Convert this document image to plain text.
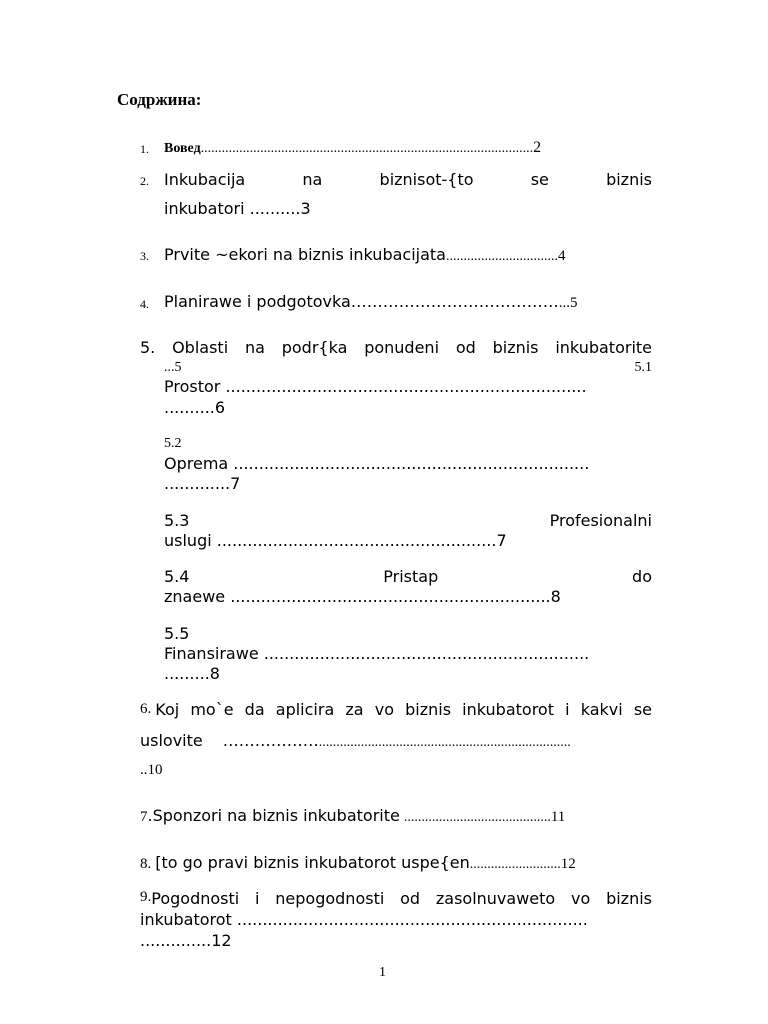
Содржина:
1. Вовед...............................................................................................2
2. Inkubacija	na	biznisot-{to	se	biznis
inkubatori ..........3
3. Prvite ~ekori na biznis inkubacijata................................4
4. Planirawe i podgotovka…………………………………...5
5. Oblasti na podr{ka ponudeni od biznis inkubatorite
...5	5.1
Prostor .......................................................................
..........6
5.2
Oprema ......................................................................
.............7
5.3	Profesionalni
uslugi .......................................................7
5.4	Pristap	do
znaewe ...............................................................8
5.5
Finansirawe ................................................................
.........8
6. Koj mo`e da aplicira za vo biznis inkubatorot i kakvi se
uslovite ………………........................................................................
..10
7.Sponzori na biznis inkubatorite ..........................................11
8. [to go pravi biznis inkubatorot uspe{en..........................12
9. Pogodnosti i nepogodnosti od zasolnuvaweto vo biznis
inkubatorot .....................................................................
..............12
1
